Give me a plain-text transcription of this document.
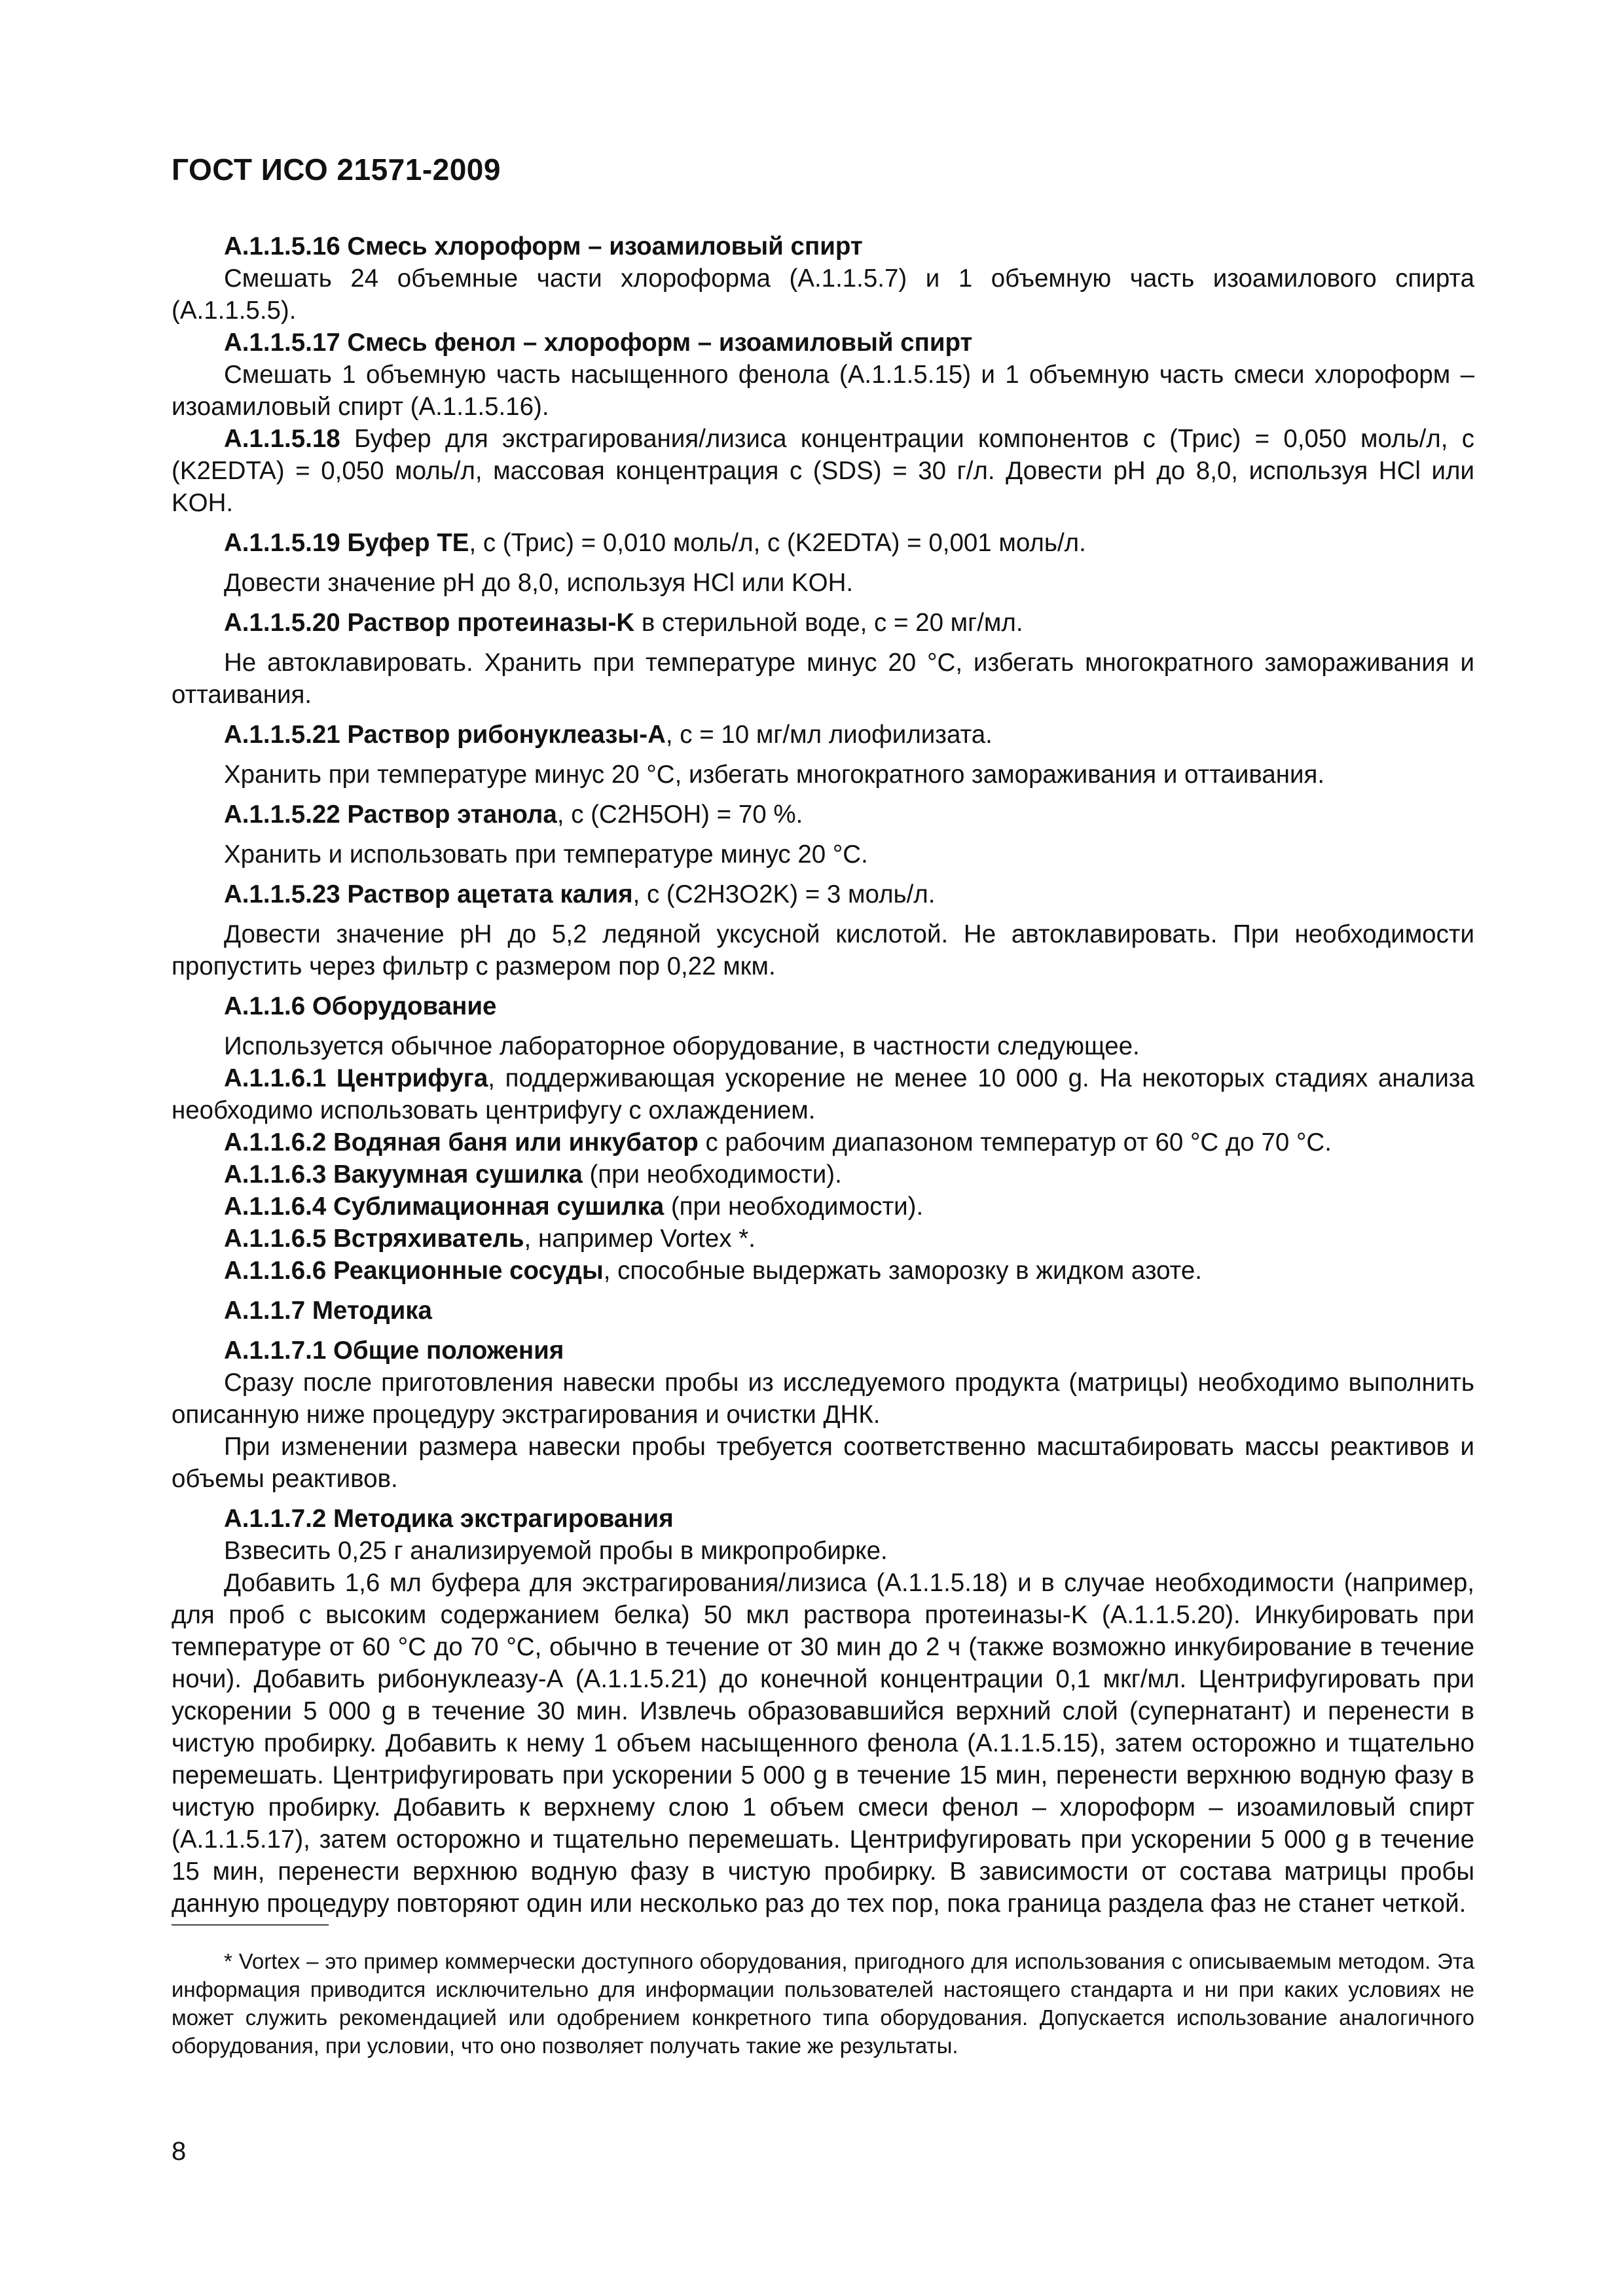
ГОСТ ИСО 21571-2009

A.1.1.5.16 Смесь хлороформ – изоамиловый спирт

Смешать 24 объемные части хлороформа (A.1.1.5.7) и 1 объемную часть изоамилового спирта (A.1.1.5.5).

A.1.1.5.17 Смесь фенол – хлороформ – изоамиловый спирт

Смешать 1 объемную часть насыщенного фенола (A.1.1.5.15) и 1 объемную часть смеси хлороформ – изоамиловый спирт (A.1.1.5.16).

A.1.1.5.18 Буфер для экстрагирования/лизиса концентрации компонентов c (Трис) = 0,050 моль/л, c (K2EDTA) = 0,050 моль/л, массовая концентрация c (SDS) = 30 г/л. Довести pH до 8,0, используя HCl или KOH.

A.1.1.5.19 Буфер TE, c (Трис) = 0,010 моль/л, c (K2EDTA) = 0,001 моль/л.

Довести значение pH до 8,0, используя HCl или KOH.

A.1.1.5.20 Раствор протеиназы-K в стерильной воде, c = 20 мг/мл.

Не автоклавировать. Хранить при температуре минус 20 °C, избегать многократного замораживания и оттаивания.

A.1.1.5.21 Раствор рибонуклеазы-А, c = 10 мг/мл лиофилизата.

Хранить при температуре минус 20 °C, избегать многократного замораживания и оттаивания.

A.1.1.5.22 Раствор этанола, c (C2H5OH) = 70 %.

Хранить и использовать при температуре минус 20 °C.

A.1.1.5.23 Раствор ацетата калия, c (C2H3O2K) = 3 моль/л.

Довести значение pH до 5,2 ледяной уксусной кислотой. Не автоклавировать. При необходимости пропустить через фильтр с размером пор 0,22 мкм.

A.1.1.6 Оборудование

Используется обычное лабораторное оборудование, в частности следующее.

A.1.1.6.1 Центрифуга, поддерживающая ускорение не менее 10 000 g. На некоторых стадиях анализа необходимо использовать центрифугу с охлаждением.

A.1.1.6.2 Водяная баня или инкубатор с рабочим диапазоном температур от 60 °C до 70 °C.

A.1.1.6.3 Вакуумная сушилка (при необходимости).

A.1.1.6.4 Сублимационная сушилка (при необходимости).

A.1.1.6.5 Встряхиватель, например Vortex *.

A.1.1.6.6 Реакционные сосуды, способные выдержать заморозку в жидком азоте.

A.1.1.7 Методика

A.1.1.7.1 Общие положения

Сразу после приготовления навески пробы из исследуемого продукта (матрицы) необходимо выполнить описанную ниже процедуру экстрагирования и очистки ДНК.

При изменении размера навески пробы требуется соответственно масштабировать массы реактивов и объемы реактивов.

A.1.1.7.2 Методика экстрагирования

Взвесить 0,25 г анализируемой пробы в микропробирке.

Добавить 1,6 мл буфера для экстрагирования/лизиса (A.1.1.5.18) и в случае необходимости (например, для проб с высоким содержанием белка) 50 мкл раствора протеиназы-K (A.1.1.5.20). Инкубировать при температуре от 60 °C до 70 °C, обычно в течение от 30 мин до 2 ч (также возможно инкубирование в течение ночи). Добавить рибонуклеазу-А (A.1.1.5.21) до конечной концентрации 0,1 мкг/мл. Центрифугировать при ускорении 5 000 g в течение 30 мин. Извлечь образовавшийся верхний слой (супернатант) и перенести в чистую пробирку. Добавить к нему 1 объем насыщенного фенола (A.1.1.5.15), затем осторожно и тщательно перемешать. Центрифугировать при ускорении 5 000 g в течение 15 мин, перенести верхнюю водную фазу в чистую пробирку. Добавить к верхнему слою 1 объем смеси фенол – хлороформ – изоамиловый спирт (A.1.1.5.17), затем осторожно и тщательно перемешать. Центрифугировать при ускорении 5 000 g в течение 15 мин, перенести верхнюю водную фазу в чистую пробирку. В зависимости от состава матрицы пробы данную процедуру повторяют один или несколько раз до тех пор, пока граница раздела фаз не станет четкой.

* Vortex – это пример коммерчески доступного оборудования, пригодного для использования с описываемым методом. Эта информация приводится исключительно для информации пользователей настоящего стандарта и ни при каких условиях не может служить рекомендацией или одобрением конкретного типа оборудования. Допускается использование аналогичного оборудования, при условии, что оно позволяет получать такие же результаты.
8
